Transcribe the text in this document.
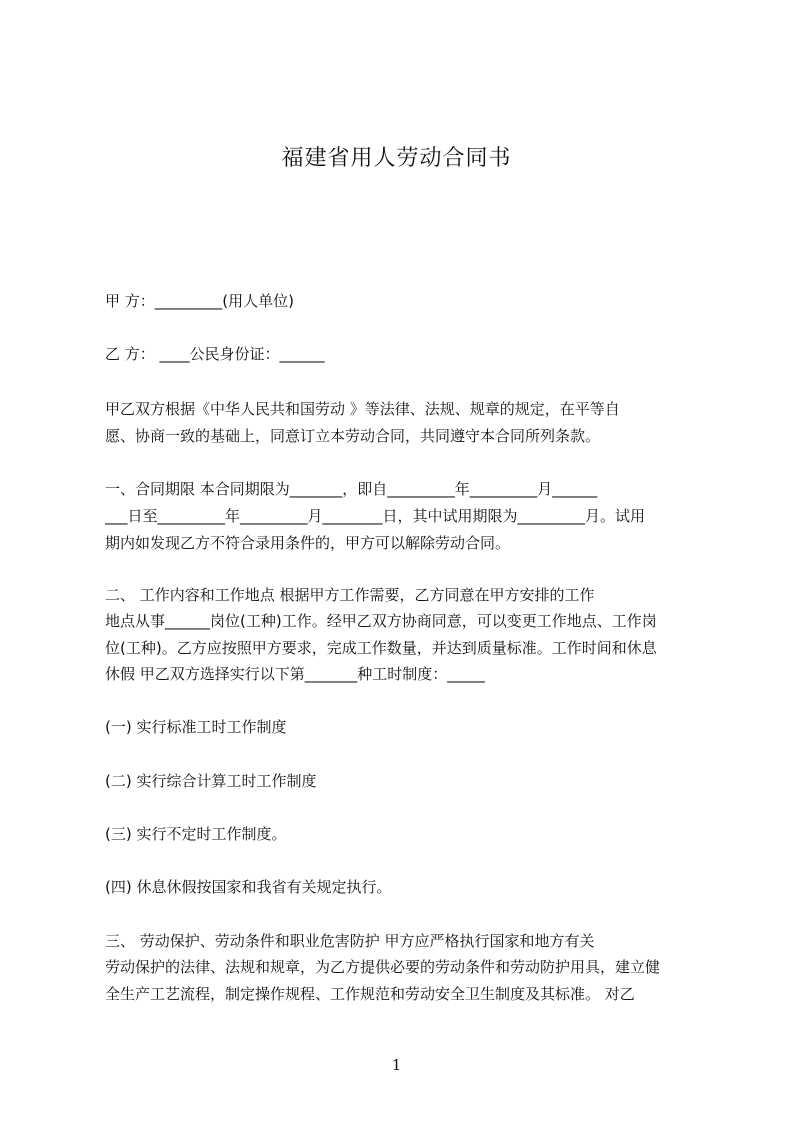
福建省用人劳动合同书
甲 方：_________(用人单位)
乙 方： ____公民身份证：______
甲乙双方根据《中华人民共和国劳动 》等法律、法规、规章的规定，在平等自
愿、协商一致的基础上，同意订立本劳动合同，共同遵守本合同所列条款。
一、合同期限 本合同期限为_______，即自_________年_________月______
___日至_________年_________月________日，其中试用期限为_________月。试用
期内如发现乙方不符合录用条件的，甲方可以解除劳动合同。
二、 工作内容和工作地点 根据甲方工作需要，乙方同意在甲方安排的工作
地点从事______岗位(工种)工作。经甲乙双方协商同意，可以变更工作地点、工作岗
位(工种)。乙方应按照甲方要求，完成工作数量，并达到质量标准。工作时间和休息
休假 甲乙双方选择实行以下第_______种工时制度：_____
(一) 实行标准工时工作制度
(二) 实行综合计算工时工作制度
(三) 实行不定时工作制度。
(四) 休息休假按国家和我省有关规定执行。
三、 劳动保护、劳动条件和职业危害防护 甲方应严格执行国家和地方有关
劳动保护的法律、法规和规章，为乙方提供必要的劳动条件和劳动防护用具，建立健
全生产工艺流程，制定操作规程、工作规范和劳动安全卫生制度及其标准。 对乙
1
